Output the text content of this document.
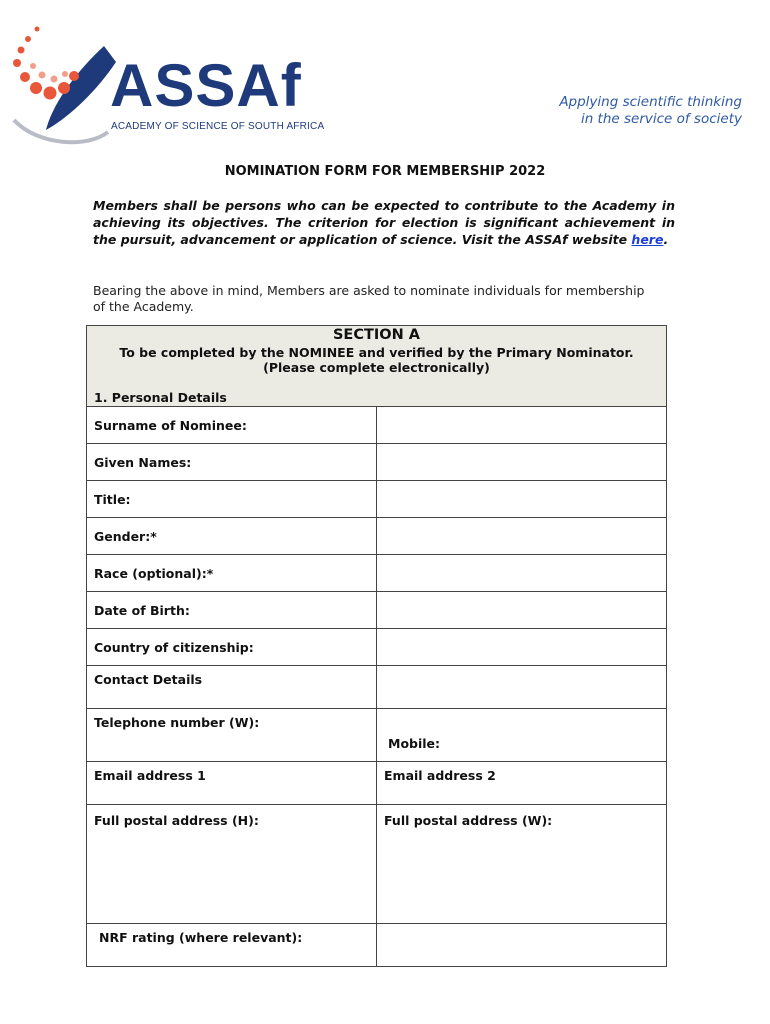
ASSAf
ACADEMY OF SCIENCE OF SOUTH AFRICA
Applying scientific thinking
in the service of society
NOMINATION FORM FOR MEMBERSHIP 2022
Members shall be persons who can be expected to contribute to the Academy in achieving its objectives. The criterion for election is significant achievement in the pursuit, advancement or application of science. Visit the ASSAf website here.
Bearing the above in mind, Members are asked to nominate individuals for membership of the Academy.
SECTION A
To be completed by the NOMINEE and verified by the Primary Nominator.
(Please complete electronically)
1. Personal Details	

Surname of Nominee:	
Given Names:	
Title:	
Gender:*	
Race (optional):*	
Date of Birth:	
Country of citizenship:	
Contact Details	
Telephone number (W):	Mobile:
Email address 1	Email address 2
Full postal address (H):	Full postal address (W):
NRF rating (where relevant):	
